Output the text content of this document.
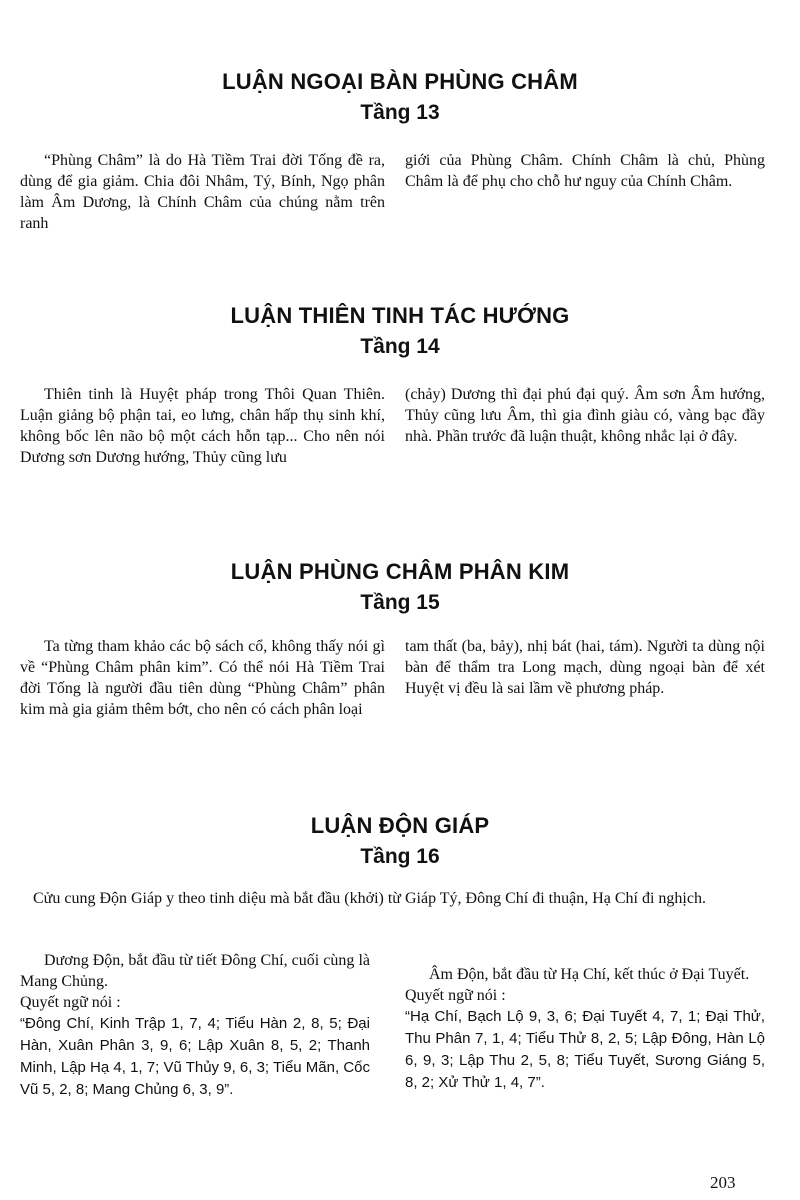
LUẬN NGOẠI BÀN PHÙNG CHÂM
Tầng 13

“Phùng Châm” là do Hà Tiềm Trai đời Tống đề ra, dùng để gia giảm. Chia đôi Nhâm, Tý, Bính, Ngọ phân làm Âm Dương, là Chính Châm của chúng nằm trên ranh

giới của Phùng Châm. Chính Châm là chủ, Phùng Châm là để phụ cho chỗ hư nguy của Chính Châm.

LUẬN THIÊN TINH TÁC HƯỚNG
Tầng 14

Thiên tinh là Huyệt pháp trong Thôi Quan Thiên. Luận giảng bộ phận tai, eo lưng, chân hấp thụ sinh khí, không bốc lên não bộ một cách hỗn tạp... Cho nên nói Dương sơn Dương hướng, Thủy cũng lưu

(chảy) Dương thì đại phú đại quý. Âm sơn Âm hướng, Thủy cũng lưu Âm, thì gia đình giàu có, vàng bạc đầy nhà. Phần trước đã luận thuật, không nhắc lại ở đây.

LUẬN PHÙNG CHÂM PHÂN KIM
Tầng 15

Ta từng tham khảo các bộ sách cổ, không thấy nói gì về “Phùng Châm phân kim”. Có thể nói Hà Tiềm Trai đời Tống là người đầu tiên dùng “Phùng Châm” phân kim mà gia giảm thêm bớt, cho nên có cách phân loại

tam thất (ba, bảy), nhị bát (hai, tám). Người ta dùng nội bàn để thẩm tra Long mạch, dùng ngoại bàn để xét Huyệt vị đều là sai lầm về phương pháp.

LUẬN ĐỘN GIÁP
Tầng 16

Cửu cung Độn Giáp y theo tinh diệu mà bắt đầu (khởi) từ Giáp Tý, Đông Chí đi thuận, Hạ Chí đi nghịch.

Dương Độn, bắt đầu từ tiết Đông Chí, cuối cùng là Mang Chủng.

Quyết ngữ nói :

“Đông Chí, Kinh Trập 1, 7, 4; Tiểu Hàn 2, 8, 5; Đại Hàn, Xuân Phân 3, 9, 6; Lập Xuân 8, 5, 2; Thanh Minh, Lập Hạ 4, 1, 7; Vũ Thủy 9, 6, 3; Tiểu Mãn, Cốc Vũ 5, 2, 8; Mang Chủng 6, 3, 9”.

Âm Độn, bắt đầu từ Hạ Chí, kết thúc ở Đại Tuyết.

Quyết ngữ nói :

“Hạ Chí, Bạch Lộ 9, 3, 6; Đại Tuyết 4, 7, 1; Đại Thử, Thu Phân 7, 1, 4; Tiểu Thử 8, 2, 5; Lập Đông, Hàn Lộ 6, 9, 3; Lập Thu 2, 5, 8; Tiểu Tuyết, Sương Giáng 5, 8, 2; Xử Thử 1, 4, 7”.

203
